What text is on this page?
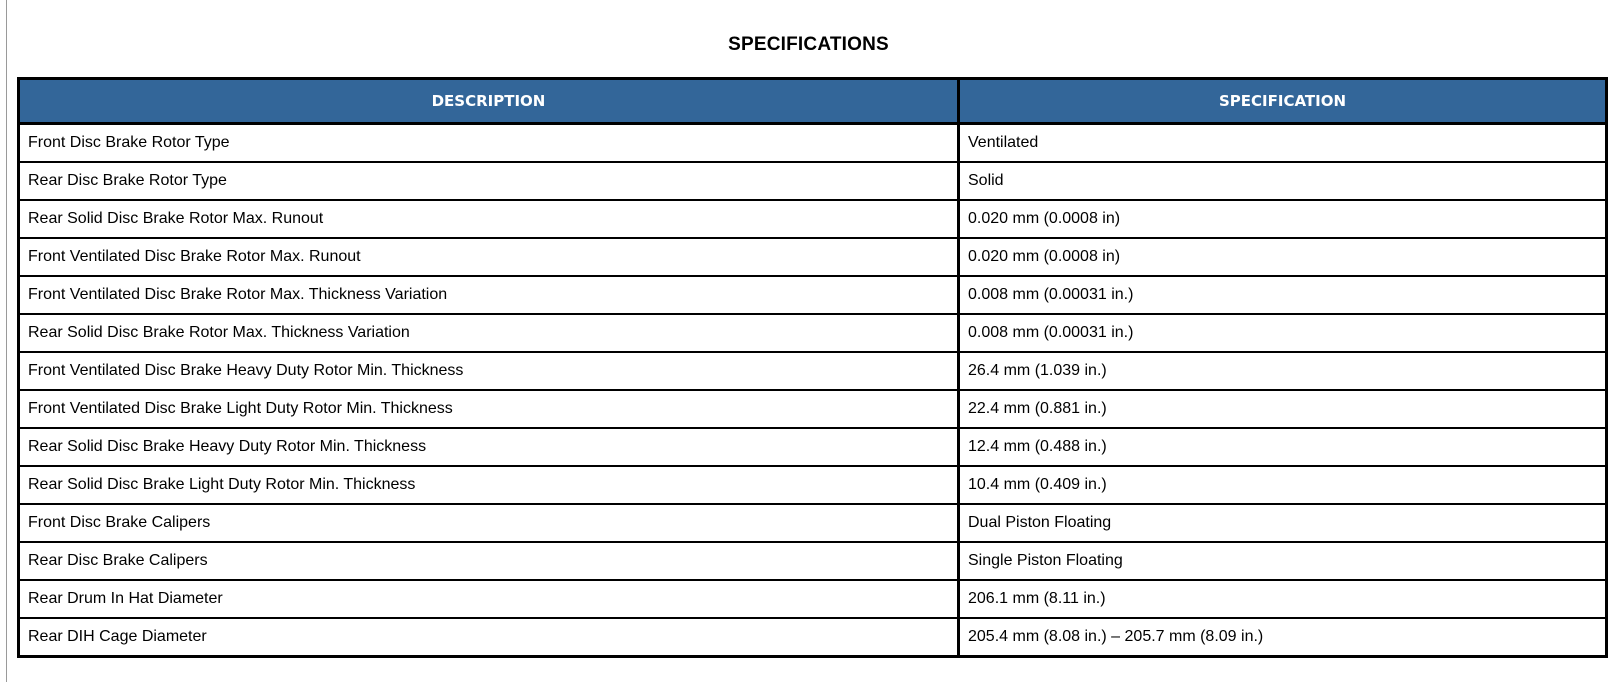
SPECIFICATIONS
DESCRIPTION	SPECIFICATION
Front Disc Brake Rotor Type	Ventilated
Rear Disc Brake Rotor Type	Solid
Rear Solid Disc Brake Rotor Max. Runout	0.020 mm (0.0008 in)
Front Ventilated Disc Brake Rotor Max. Runout	0.020 mm (0.0008 in)
Front Ventilated Disc Brake Rotor Max. Thickness Variation	0.008 mm (0.00031 in.)
Rear Solid Disc Brake Rotor Max. Thickness Variation	0.008 mm (0.00031 in.)
Front Ventilated Disc Brake Heavy Duty Rotor Min. Thickness	26.4 mm (1.039 in.)
Front Ventilated Disc Brake Light Duty Rotor Min. Thickness	22.4 mm (0.881 in.)
Rear Solid Disc Brake Heavy Duty Rotor Min. Thickness	12.4 mm (0.488 in.)
Rear Solid Disc Brake Light Duty Rotor Min. Thickness	10.4 mm (0.409 in.)
Front Disc Brake Calipers	Dual Piston Floating
Rear Disc Brake Calipers	Single Piston Floating
Rear Drum In Hat Diameter	206.1 mm (8.11 in.)
Rear DIH Cage Diameter	205.4 mm (8.08 in.) – 205.7 mm (8.09 in.)
